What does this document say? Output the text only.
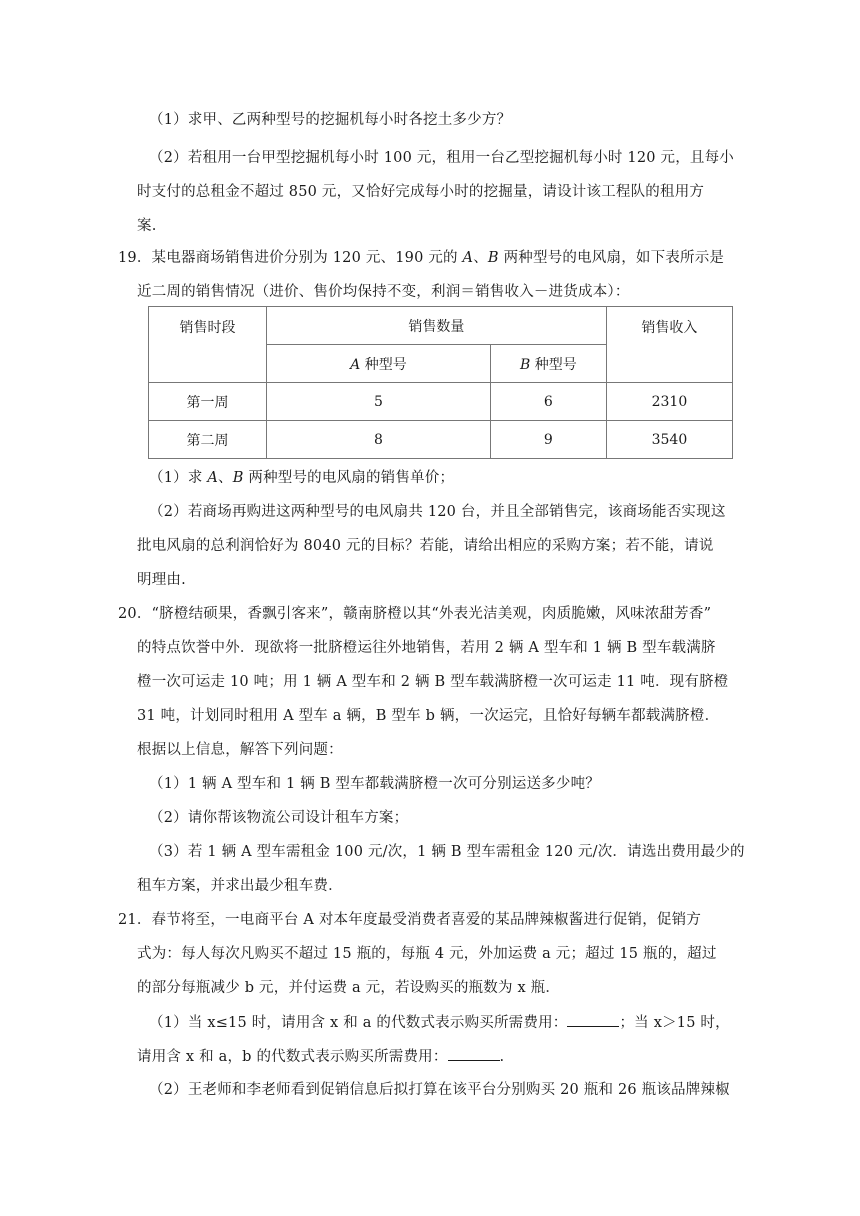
（1）求甲、乙两种型号的挖掘机每小时各挖土多少方？
（2）若租用一台甲型挖掘机每小时 100 元，租用一台乙型挖掘机每小时 120 元，且每小
时支付的总租金不超过 850 元，又恰好完成每小时的挖掘量，请设计该工程队的租用方
案.
19．某电器商场销售进价分别为 120 元、190 元的 A、B 两种型号的电风扇，如下表所示是
近二周的销售情况（进价、售价均保持不变，利润＝销售收入－进货成本）：
销售时段	销售数量		销售收入
	A 种型号	B 种型号	
第一周	5	6	2310
第二周	8	9	3540
（1）求 A、B 两种型号的电风扇的销售单价；
（2）若商场再购进这两种型号的电风扇共 120 台，并且全部销售完，该商场能否实现这
批电风扇的总利润恰好为 8040 元的目标？若能，请给出相应的采购方案；若不能，请说
明理由.
20．“脐橙结硕果，香飘引客来”，赣南脐橙以其“外表光洁美观，肉质脆嫩，风味浓甜芳香”
的特点饮誉中外．现欲将一批脐橙运往外地销售，若用 2 辆 A 型车和 1 辆 B 型车载满脐
橙一次可运走 10 吨；用 1 辆 A 型车和 2 辆 B 型车载满脐橙一次可运走 11 吨．现有脐橙
31 吨，计划同时租用 A 型车 a 辆，B 型车 b 辆，一次运完，且恰好每辆车都载满脐橙．
根据以上信息，解答下列问题：
（1）1 辆 A 型车和 1 辆 B 型车都载满脐橙一次可分别运送多少吨？
（2）请你帮该物流公司设计租车方案；
（3）若 1 辆 A 型车需租金 100 元/次，1 辆 B 型车需租金 120 元/次．请选出费用最少的
租车方案，并求出最少租车费．
21．春节将至，一电商平台 A 对本年度最受消费者喜爱的某品牌辣椒酱进行促销，促销方
式为：每人每次凡购买不超过 15 瓶的，每瓶 4 元，外加运费 a 元；超过 15 瓶的，超过
的部分每瓶减少 b 元，并付运费 a 元，若设购买的瓶数为 x 瓶．
（1）当 x≤15 时，请用含 x 和 a 的代数式表示购买所需费用：	；当 x＞15 时，
请用含 x 和 a，b 的代数式表示购买所需费用：	.
（2）王老师和李老师看到促销信息后拟打算在该平台分别购买 20 瓶和 26 瓶该品牌辣椒
